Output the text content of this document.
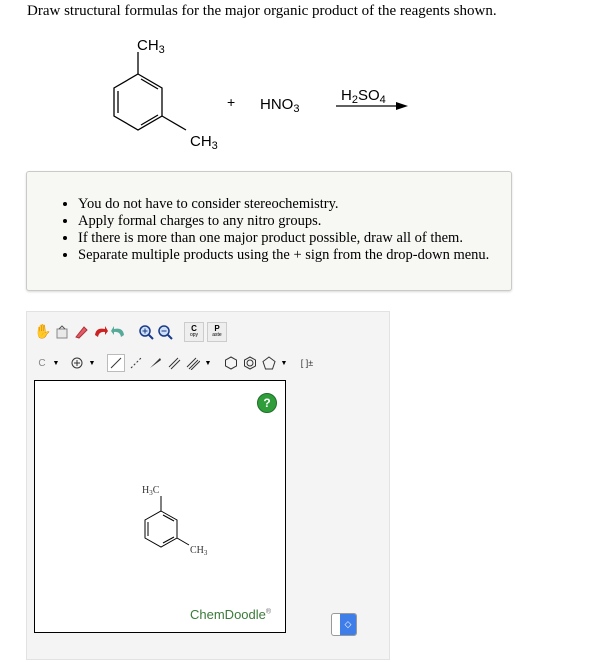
Draw structural formulas for the major organic product of the reagents shown.
$CH_3$
$CH_3$
+ $HNO_3$
$H_2SO_4$
• You do not have to consider stereochemistry.
• Apply formal charges to any nitro groups.
• If there is more than one major product possible, draw all of them.
• Separate multiple products using the + sign from the drop-down menu.
✋	C
opy
P
aste
C ▼	▼	▼	▼	[ ]±
?
$H_3C$
$CH_3$
ChemDoodle®
◇
